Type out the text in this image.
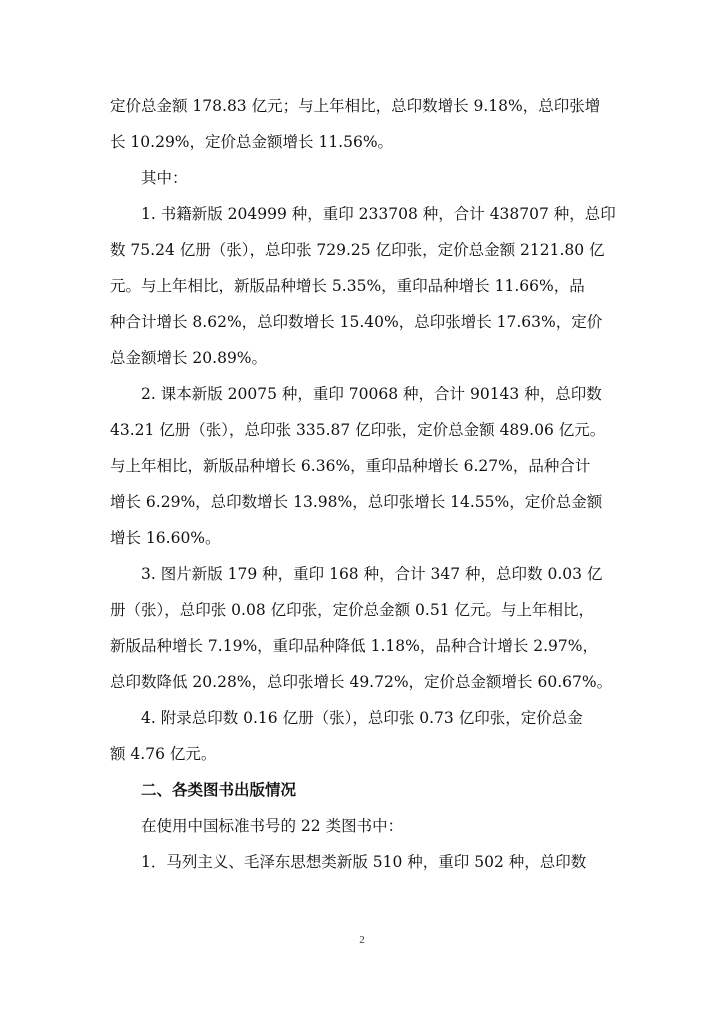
定价总金额 178.83 亿元；与上年相比，总印数增长 9.18%，总印张增
长 10.29%，定价总金额增长 11.56%。
其中：
1. 书籍新版 204999 种，重印 233708 种，合计 438707 种，总印
数 75.24 亿册（张），总印张 729.25 亿印张，定价总金额 2121.80 亿
元。与上年相比，新版品种增长 5.35%，重印品种增长 11.66%，品
种合计增长 8.62%，总印数增长 15.40%，总印张增长 17.63%，定价
总金额增长 20.89%。
2. 课本新版 20075 种，重印 70068 种，合计 90143 种，总印数
43.21 亿册（张），总印张 335.87 亿印张，定价总金额 489.06 亿元。
与上年相比，新版品种增长 6.36%，重印品种增长 6.27%，品种合计
增长 6.29%，总印数增长 13.98%，总印张增长 14.55%，定价总金额
增长 16.60%。
3. 图片新版 179 种，重印 168 种，合计 347 种，总印数 0.03 亿
册（张），总印张 0.08 亿印张，定价总金额 0.51 亿元。与上年相比，
新版品种增长 7.19%，重印品种降低 1.18%，品种合计增长 2.97%，
总印数降低 20.28%，总印张增长 49.72%，定价总金额增长 60.67%。
4. 附录总印数 0.16 亿册（张），总印张 0.73 亿印张，定价总金
额 4.76 亿元。
二、各类图书出版情况
在使用中国标准书号的 22 类图书中：
1．马列主义、毛泽东思想类新版 510 种，重印 502 种，总印数
2
